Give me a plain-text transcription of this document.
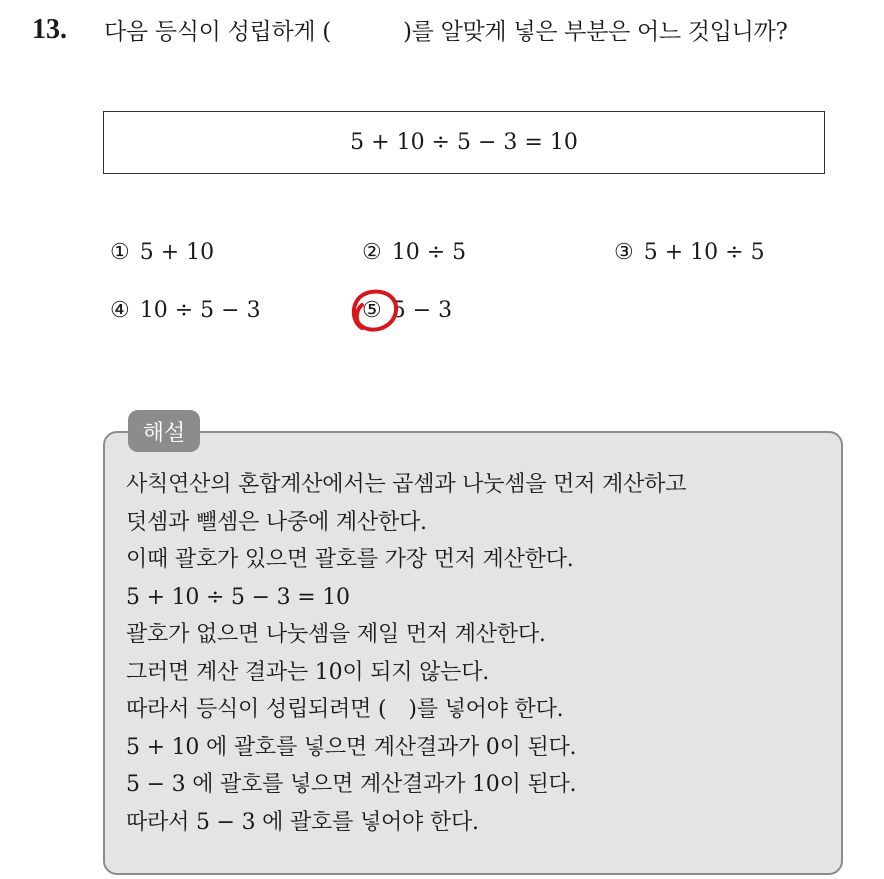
13. 다음 등식이 성립하게 (	)를 알맞게 넣은 부분은 어느 것입니까?
5 + 10 ÷ 5 − 3 = 10
① 5 + 10	② 10 ÷ 5	③ 5 + 10 ÷ 5
④ 10 ÷ 5 − 3	⑤ 5 − 3
해설
사칙연산의 혼합계산에서는 곱셈과 나눗셈을 먼저 계산하고
덧셈과 뺄셈은 나중에 계산한다.
이때 괄호가 있으면 괄호를 가장 먼저 계산한다.
5 + 10 ÷ 5 − 3 = 10
괄호가 없으면 나눗셈을 제일 먼저 계산한다.
그러면 계산 결과는 10이 되지 않는다.
따라서 등식이 성립되려면 ( )를 넣어야 한다.
5 + 10 에 괄호를 넣으면 계산결과가 0이 된다.
5 − 3 에 괄호를 넣으면 계산결과가 10이 된다.
따라서 5 − 3 에 괄호를 넣어야 한다.
